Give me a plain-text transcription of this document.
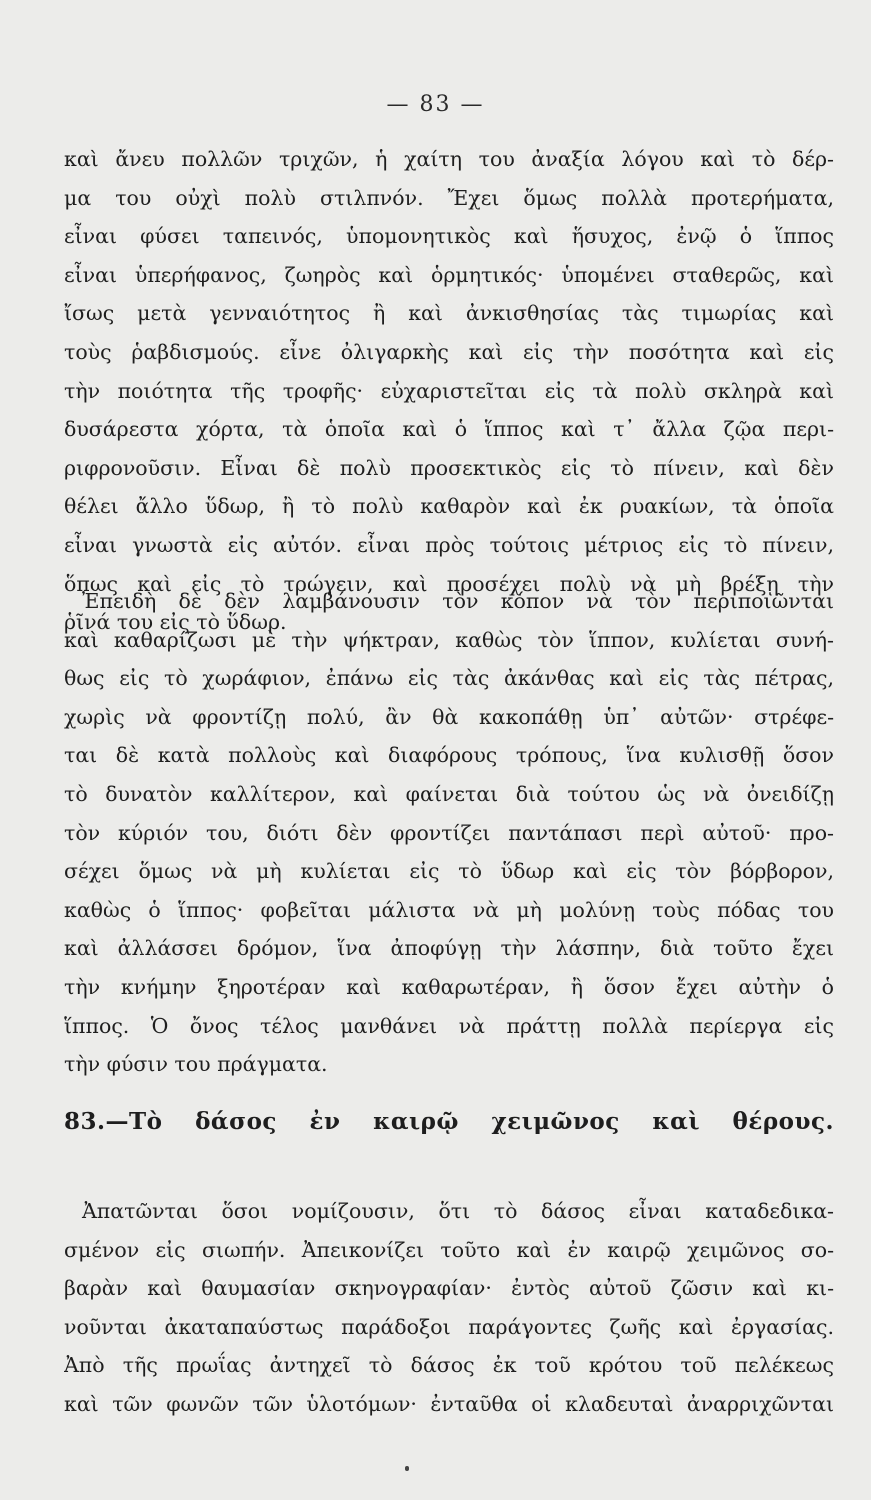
— 83 —
καὶ ἄνευ πολλῶν τριχῶν, ἡ χαίτη του ἀναξία λόγου καὶ τὸ δέρ-
μα του οὐχὶ πολὺ στιλπνόν. Ἔχει ὅμως πολλὰ προτερήματα,
εἶναι φύσει ταπεινός, ὑπομονητικὸς καὶ ἥσυχος, ἐνῷ ὁ ἵππος
εἶναι ὑπερήφανος, ζωηρὸς καὶ ὁρμητικός· ὑπομένει σταθερῶς, καὶ
ἴσως μετὰ γενναιότητος ἢ καὶ ἀνκισθησίας τὰς τιμωρίας καὶ
τοὺς ῥαβδισμούς. εἶνε ὀλιγαρκὴς καὶ εἰς τὴν ποσότητα καὶ εἰς
τὴν ποιότητα τῆς τροφῆς· εὐχαριστεῖται εἰς τὰ πολὺ σκληρὰ καὶ
δυσάρεστα χόρτα, τὰ ὁποῖα καὶ ὁ ἵππος καὶ τ᾽ ἄλλα ζῷα περι-
ριφρονοῦσιν. Εἶναι δὲ πολὺ προσεκτικὸς εἰς τὸ πίνειν, καὶ δὲν
θέλει ἄλλο ὕδωρ, ἢ τὸ πολὺ καθαρὸν καὶ ἐκ ρυακίων, τὰ ὁποῖα
εἶναι γνωστὰ εἰς αὐτόν. εἶναι πρὸς τούτοις μέτριος εἰς τὸ πίνειν,
ὅπως καὶ εἰς τὸ τρώγειν, καὶ προσέχει πολὺ νὰ μὴ βρέξῃ τὴν
ῥῖνά του εἰς τὸ ὕδωρ.
Ἐπειδὴ δὲ δὲν λαμβάνουσιν τὸν κόπον νὰ τὸν περιποιῶνται
καὶ καθαρίζωσι μὲ τὴν ψήκτραν, καθὼς τὸν ἵππον, κυλίεται συνή-
θως εἰς τὸ χωράφιον, ἐπάνω εἰς τὰς ἀκάνθας καὶ εἰς τὰς πέτρας,
χωρὶς νὰ φροντίζῃ πολύ, ἂν θὰ κακοπάθῃ ὑπ᾽ αὐτῶν· στρέφε-
ται δὲ κατὰ πολλοὺς καὶ διαφόρους τρόπους, ἵνα κυλισθῇ ὅσον
τὸ δυνατὸν καλλίτερον, καὶ φαίνεται διὰ τούτου ὡς νὰ ὀνειδίζῃ
τὸν κύριόν του, διότι δὲν φροντίζει παντάπασι περὶ αὐτοῦ· προ-
σέχει ὅμως νὰ μὴ κυλίεται εἰς τὸ ὕδωρ καὶ εἰς τὸν βόρβορον,
καθὼς ὁ ἵππος· φοβεῖται μάλιστα νὰ μὴ μολύνῃ τοὺς πόδας του
καὶ ἀλλάσσει δρόμον, ἵνα ἀποφύγῃ τὴν λάσπην, διὰ τοῦτο ἔχει
τὴν κνήμην ξηροτέραν καὶ καθαρωτέραν, ἢ ὅσον ἔχει αὐτὴν ὁ
ἵππος. Ὁ ὄνος τέλος μανθάνει νὰ πράττῃ πολλὰ περίεργα εἰς
τὴν φύσιν του πράγματα.
83.—Τὸ δάσος ἐν καιρῷ χειμῶνος καὶ θέρους.
Ἀπατῶνται ὅσοι νομίζουσιν, ὅτι τὸ δάσος εἶναι καταδεδικα-
σμένον εἰς σιωπήν. Ἀπεικονίζει τοῦτο καὶ ἐν καιρῷ χειμῶνος σο-
βαρὰν καὶ θαυμασίαν σκηνογραφίαν· ἐντὸς αὐτοῦ ζῶσιν καὶ κι-
νοῦνται ἀκαταπαύστως παράδοξοι παράγοντες ζωῆς καὶ ἐργασίας.
Ἀπὸ τῆς πρωΐας ἀντηχεῖ τὸ δάσος ἐκ τοῦ κρότου τοῦ πελέκεως
καὶ τῶν φωνῶν τῶν ὑλοτόμων· ἐνταῦθα οἱ κλαδευταὶ ἀναρριχῶνται
